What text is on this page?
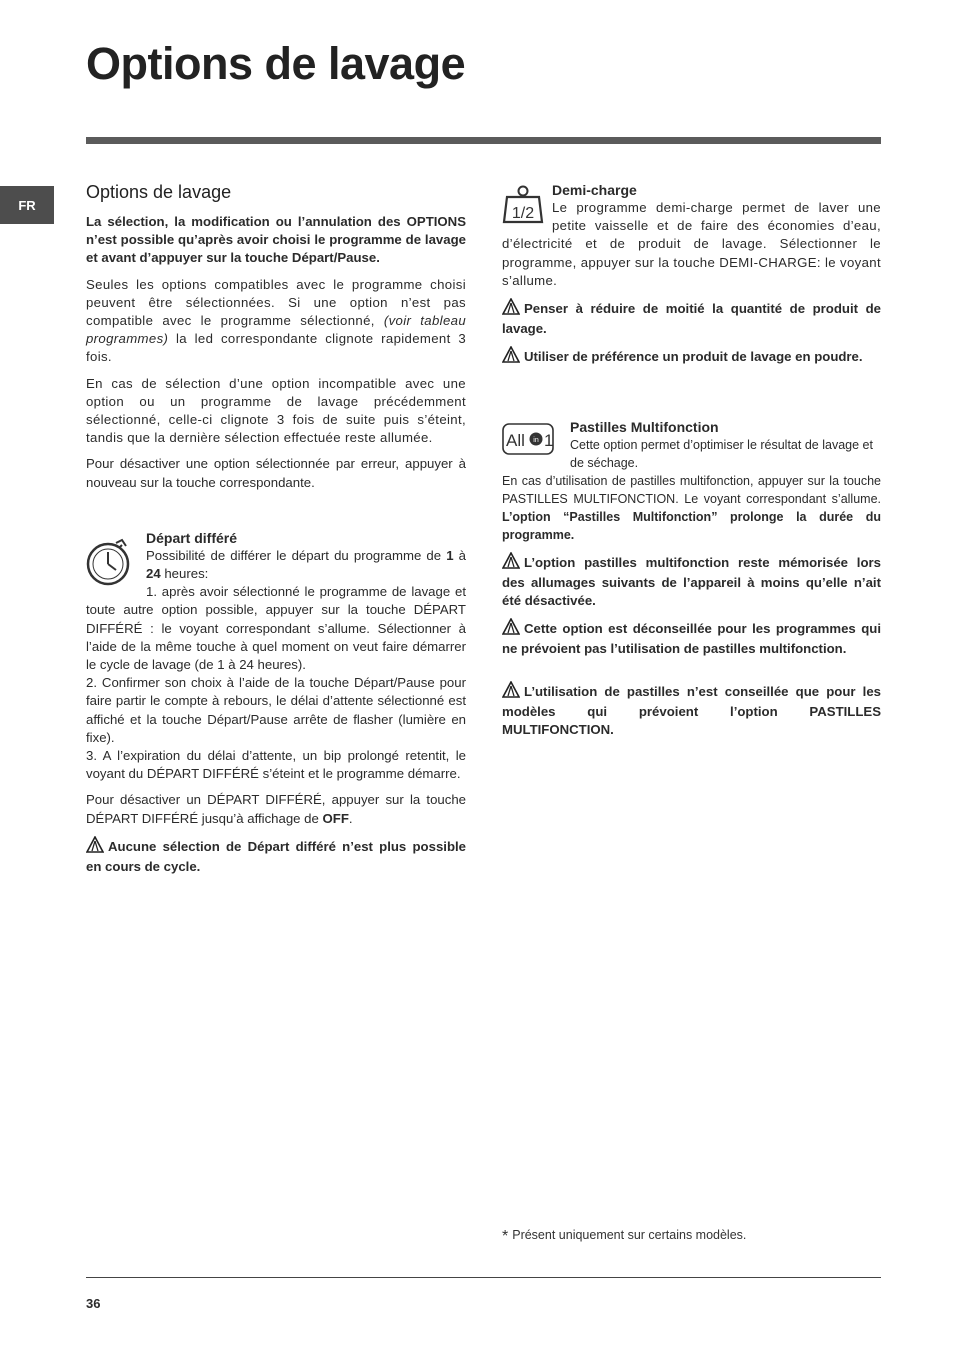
Options de lavage
FR
Options de lavage

La sélection, la modification ou l’annulation des OPTIONS n’est possible qu’après avoir choisi le programme de lavage et avant d’appuyer sur la touche Départ/Pause.

Seules les options compatibles avec le programme choisi peuvent être sélectionnées. Si une option n’est pas compatible avec le programme sélectionné, (voir tableau programmes) la led correspondante clignote rapidement 3 fois.

En cas de sélection d’une option incompatible avec une option ou un programme de lavage précédemment sélectionné, celle-ci clignote 3 fois de suite puis s’éteint, tandis que la dernière sélection effectuée reste allumée.

Pour désactiver une option sélectionnée par erreur, appuyer à nouveau sur la touche correspondante.

Départ différé

Possibilité de différer le départ du programme de 1 à 24 heures:

1. après avoir sélectionné le programme de lavage et toute autre option possible, appuyer sur la touche DÉPART DIFFÉRÉ : le voyant correspondant s’allume. Sélectionner à l’aide de la même touche à quel moment on veut faire démarrer le cycle de lavage (de 1 à 24 heures).

2. Confirmer son choix à l’aide de la touche Départ/Pause pour faire partir le compte à rebours, le délai d’attente sélectionné est affiché et la touche Départ/Pause arrête de flasher (lumière en fixe).

3. A l’expiration du délai d’attente, un bip prolongé retentit, le voyant du DÉPART DIFFÉRÉ s’éteint et le programme démarre.

Pour désactiver un DÉPART DIFFÉRÉ, appuyer sur la touche DÉPART DIFFÉRÉ jusqu’à affichage de OFF.

Aucune sélection de Départ différé n’est plus possible en cours de cycle.

1/2
Demi-charge

Le programme demi-charge permet de laver une petite vaisselle et de faire des économies d’eau, d’électricité et de produit de lavage. Sélectionner le programme, appuyer sur la touche DEMI-CHARGE: le voyant s’allume.

Penser à réduire de moitié la quantité de produit de lavage.

Utiliser de préférence un produit de lavage en poudre.

All in 1
All in 1
Pastilles Multifonction

Cette option permet d’optimiser le résultat de lavage et de séchage.

En cas d’utilisation de pastilles multifonction, appuyer sur la touche PASTILLES MULTIFONCTION. Le voyant correspondant s’allume. L’option “Pastilles Multifonction” prolonge la durée du programme.

L’option pastilles multifonction reste mémorisée lors des allumages suivants de l’appareil à moins qu’elle n’ait été désactivée.

Cette option est déconseillée pour les programmes qui ne prévoient pas l’utilisation de pastilles multifonction.

L’utilisation de pastilles n’est conseillée que pour les modèles qui prévoient l’option PASTILLES MULTIFONCTION.

* Présent uniquement sur certains modèles.
36
